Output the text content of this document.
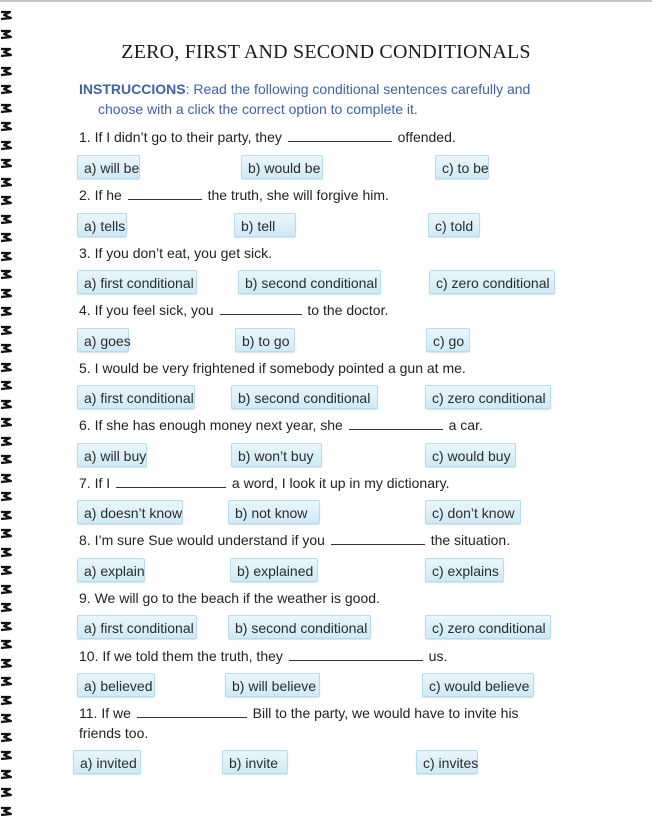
ZERO, FIRST AND SECOND CONDITIONALS
INSTRUCCIONS: Read the following conditional sentences carefully and
choose with a click the correct option to complete it.
1. If I didn’t go to their party, they	offended.
a) will be	b) would be	c) to be
2. If he	the truth, she will forgive him.
a) tells	b) tell	c) told
3. If you don’t eat, you get sick.
a) first conditional	b) second conditional	c) zero conditional
4. If you feel sick, you	to the doctor.
a) goes	b) to go	c) go
5. I would be very frightened if somebody pointed a gun at me.
a) first conditional	b) second conditional	c) zero conditional
6. If she has enough money next year, she	a car.
a) will buy	b) won’t buy	c) would buy
7. If I	a word, I look it up in my dictionary.
a) doesn’t know	b) not know	c) don’t know
8. I’m sure Sue would understand if you	the situation.
a) explain	b) explained	c) explains
9. We will go to the beach if the weather is good.
a) first conditional	b) second conditional	c) zero conditional
10. If we told them the truth, they	us.
a) believed	b) will believe	c) would believe
11. If we	Bill to the party, we would have to invite his
friends too.
a) invited	b) invite	c) invites
